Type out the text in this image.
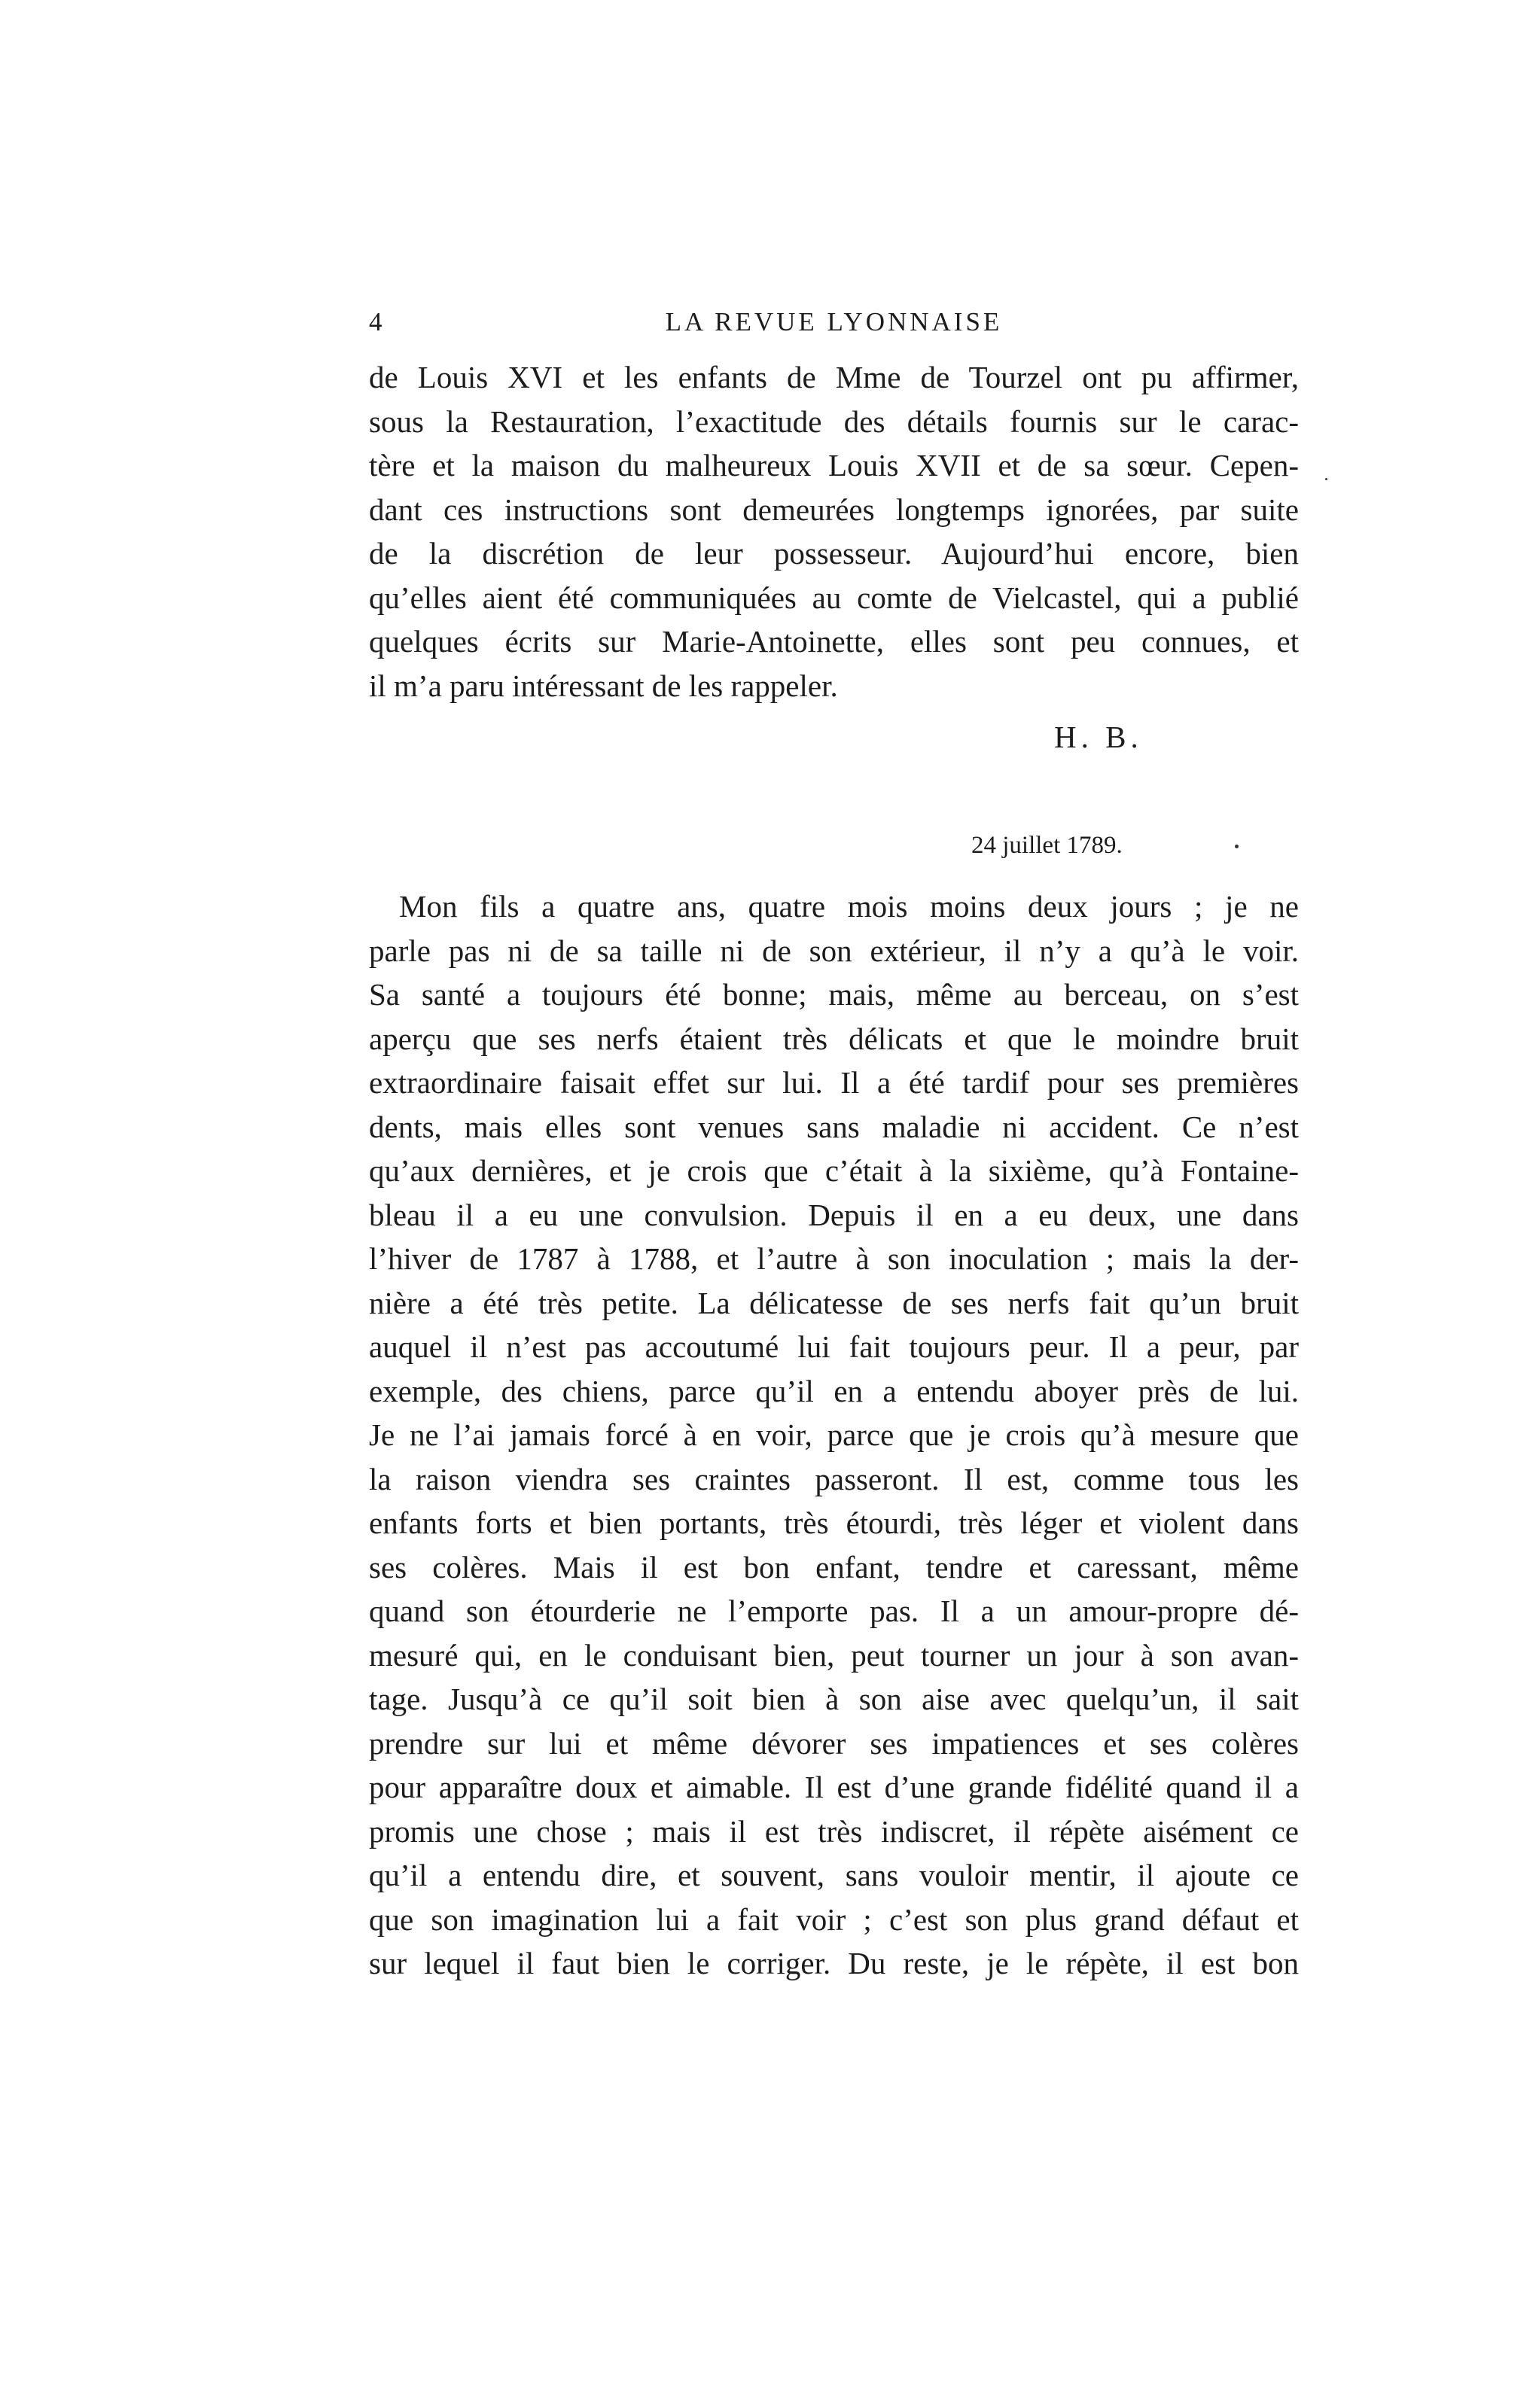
4	LA REVUE LYONNAISE
de Louis XVI et les enfants de Mme de Tourzel ont pu affirmer,
sous la Restauration, l’exactitude des détails fournis sur le carac-
tère et la maison du malheureux Louis XVII et de sa sœur. Cepen-
dant ces instructions sont demeurées longtemps ignorées, par suite
de la discrétion de leur possesseur. Aujourd’hui encore, bien
qu’elles aient été communiquées au comte de Vielcastel, qui a publié
quelques écrits sur Marie-Antoinette, elles sont peu connues, et
il m’a paru intéressant de les rappeler.
H. B.
24 juillet 1789.
Mon fils a quatre ans, quatre mois moins deux jours ; je ne
parle pas ni de sa taille ni de son extérieur, il n’y a qu’à le voir.
Sa santé a toujours été bonne; mais, même au berceau, on s’est
aperçu que ses nerfs étaient très délicats et que le moindre bruit
extraordinaire faisait effet sur lui. Il a été tardif pour ses premières
dents, mais elles sont venues sans maladie ni accident. Ce n’est
qu’aux dernières, et je crois que c’était à la sixième, qu’à Fontaine-
bleau il a eu une convulsion. Depuis il en a eu deux, une dans
l’hiver de 1787 à 1788, et l’autre à son inoculation ; mais la der-
nière a été très petite. La délicatesse de ses nerfs fait qu’un bruit
auquel il n’est pas accoutumé lui fait toujours peur. Il a peur, par
exemple, des chiens, parce qu’il en a entendu aboyer près de lui.
Je ne l’ai jamais forcé à en voir, parce que je crois qu’à mesure que
la raison viendra ses craintes passeront. Il est, comme tous les
enfants forts et bien portants, très étourdi, très léger et violent dans
ses colères. Mais il est bon enfant, tendre et caressant, même
quand son étourderie ne l’emporte pas. Il a un amour-propre dé-
mesuré qui, en le conduisant bien, peut tourner un jour à son avan-
tage. Jusqu’à ce qu’il soit bien à son aise avec quelqu’un, il sait
prendre sur lui et même dévorer ses impatiences et ses colères
pour apparaître doux et aimable. Il est d’une grande fidélité quand il a
promis une chose ; mais il est très indiscret, il répète aisément ce
qu’il a entendu dire, et souvent, sans vouloir mentir, il ajoute ce
que son imagination lui a fait voir ; c’est son plus grand défaut et
sur lequel il faut bien le corriger. Du reste, je le répète, il est bon
